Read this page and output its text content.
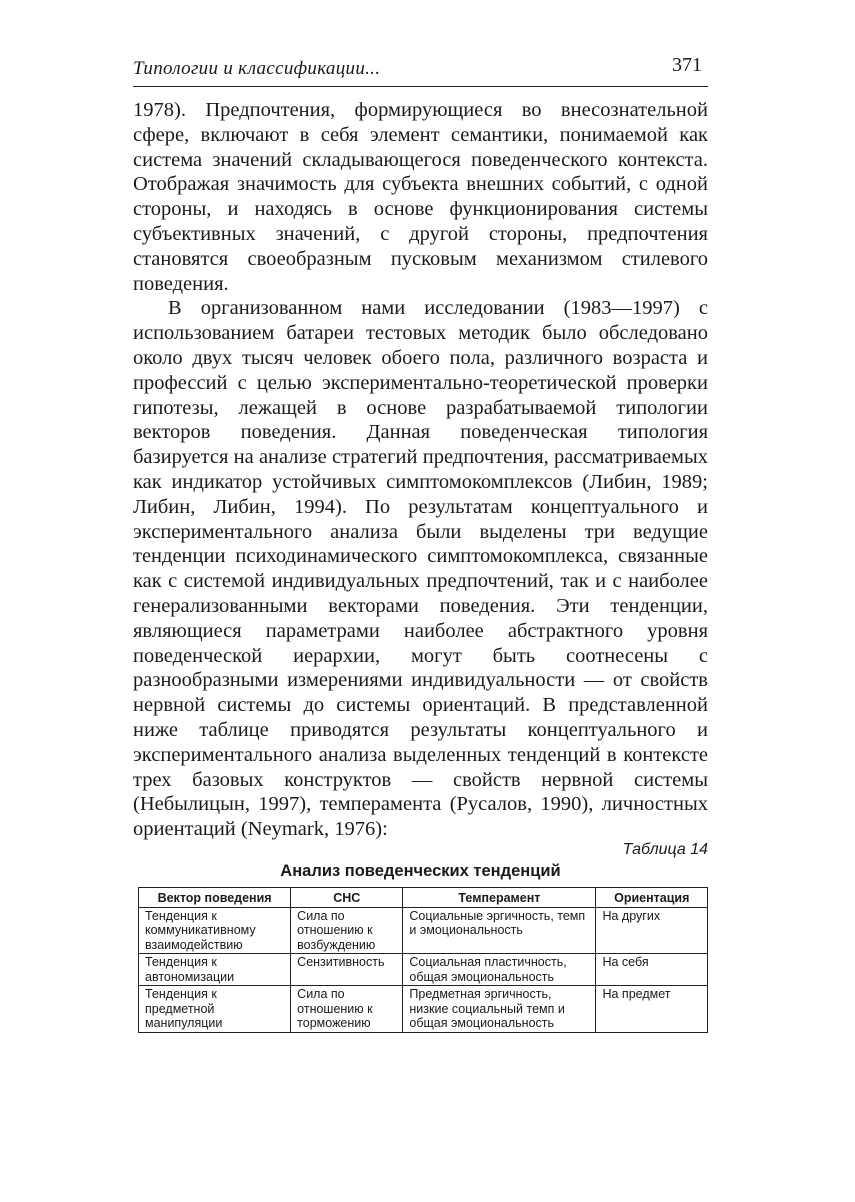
Типологии и классификации...	371

1978). Предпочтения, формирующиеся во внесознательной сфере, включают в себя элемент семантики, понимаемой как система значений складывающегося поведенческого контекста. Отображая значимость для субъекта внешних событий, с одной стороны, и находясь в основе функционирования системы субъективных значений, с другой стороны, предпочтения становятся своеобразным пусковым механизмом стилевого поведения.

В организованном нами исследовании (1983—1997) с использованием батареи тестовых методик было обследовано около двух тысяч человек обоего пола, различного возраста и профессий с целью экспериментально-теоретической проверки гипотезы, лежащей в основе разрабатываемой типологии векторов поведения. Данная поведенческая типология базируется на анализе стратегий предпочтения, рассматриваемых как индикатор устойчивых симптомокомплексов (Либин, 1989; Либин, Либин, 1994). По результатам концептуального и экспериментального анализа были выделены три ведущие тенденции психодинамического симптомокомплекса, связанные как с системой индивидуальных предпочтений, так и с наиболее генерализованными векторами поведения. Эти тенденции, являющиеся параметрами наиболее абстрактного уровня поведенческой иерархии, могут быть соотнесены с разнообразными измерениями индивидуальности — от свойств нервной системы до системы ориентаций. В представленной ниже таблице приводятся результаты концептуального и экспериментального анализа выделенных тенденций в контексте трех базовых конструктов — свойств нервной системы (Небылицын, 1997), темперамента (Русалов, 1990), личностных ориентаций (Neymark, 1976):

Таблица 14
Анализ поведенческих тенденций
Вектор поведения	СНС	Темперамент	Ориентация
Тенденция к коммуникативному взаимодействию	Сила по отношению к возбуждению	Социальные эргичность, темп и эмоциональность	На других
Тенденция к автономизации	Сензитивность	Социальная пластичность, общая эмоциональность	На себя
Тенденция к предметной манипуляции	Сила по отношению к торможению	Предметная эргичность, низкие социальный темп и общая эмоциональность	На предмет
